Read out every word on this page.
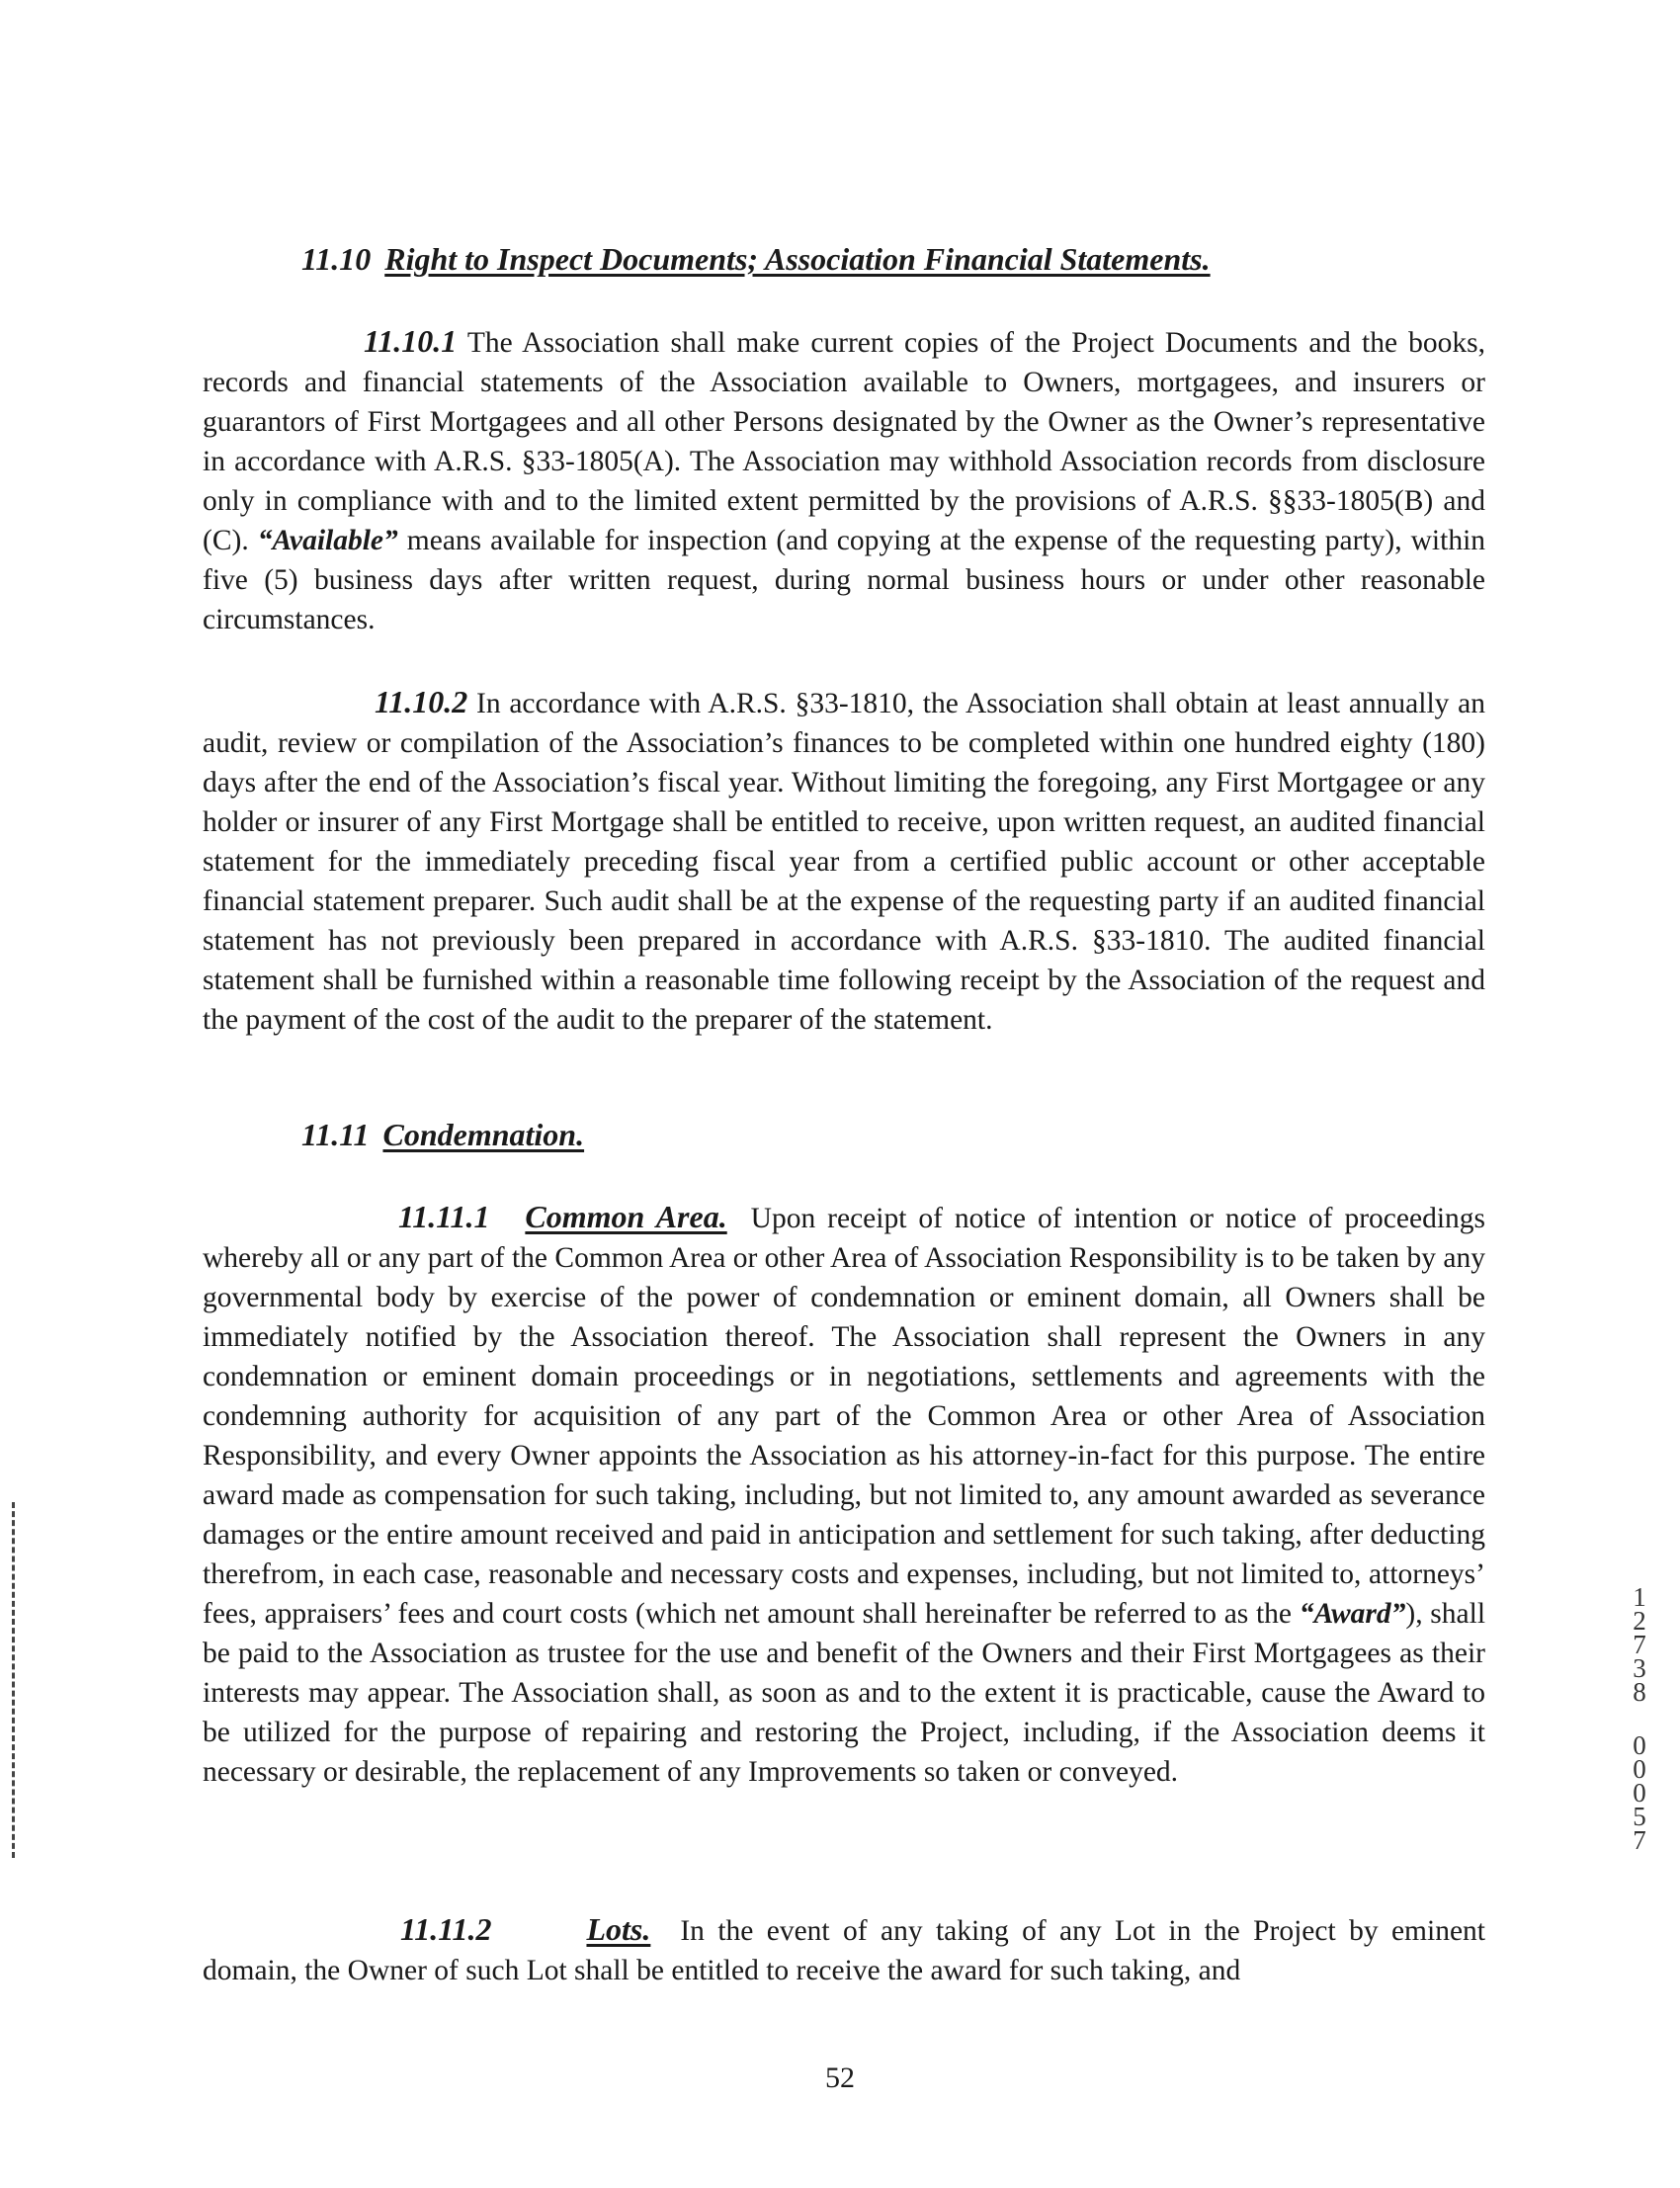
11.10 Right to Inspect Documents; Association Financial Statements.
11.10.1 The Association shall make current copies of the Project Documents and the books, records and financial statements of the Association available to Owners, mortgagees, and insurers or guarantors of First Mortgagees and all other Persons designated by the Owner as the Owner’s representative in accordance with A.R.S. §33-1805(A). The Association may withhold Association records from disclosure only in compliance with and to the limited extent permitted by the provisions of A.R.S. §§33-1805(B) and (C). “Available” means available for inspection (and copying at the expense of the requesting party), within five (5) business days after written request, during normal business hours or under other reasonable circumstances.
11.10.2 In accordance with A.R.S. §33-1810, the Association shall obtain at least annually an audit, review or compilation of the Association’s finances to be completed within one hundred eighty (180) days after the end of the Association’s fiscal year. Without limiting the foregoing, any First Mortgagee or any holder or insurer of any First Mortgage shall be entitled to receive, upon written request, an audited financial statement for the immediately preceding fiscal year from a certified public account or other acceptable financial statement preparer. Such audit shall be at the expense of the requesting party if an audited financial statement has not previously been prepared in accordance with A.R.S. §33-1810. The audited financial statement shall be furnished within a reasonable time following receipt by the Association of the request and the payment of the cost of the audit to the preparer of the statement.
11.11 Condemnation.
11.11.1 Common Area. Upon receipt of notice of intention or notice of proceedings whereby all or any part of the Common Area or other Area of Association Responsibility is to be taken by any governmental body by exercise of the power of condemnation or eminent domain, all Owners shall be immediately notified by the Association thereof. The Association shall represent the Owners in any condemnation or eminent domain proceedings or in negotiations, settlements and agreements with the condemning authority for acquisition of any part of the Common Area or other Area of Association Responsibility, and every Owner appoints the Association as his attorney-in-fact for this purpose. The entire award made as compensation for such taking, including, but not limited to, any amount awarded as severance damages or the entire amount received and paid in anticipation and settlement for such taking, after deducting therefrom, in each case, reasonable and necessary costs and expenses, including, but not limited to, attorneys’ fees, appraisers’ fees and court costs (which net amount shall hereinafter be referred to as the “Award”), shall be paid to the Association as trustee for the use and benefit of the Owners and their First Mortgagees as their interests may appear. The Association shall, as soon as and to the extent it is practicable, cause the Award to be utilized for the purpose of repairing and restoring the Project, including, if the Association deems it necessary or desirable, the replacement of any Improvements so taken or conveyed.
11.11.2	Lots. In the event of any taking of any Lot in the Project by eminent domain, the Owner of such Lot shall be entitled to receive the award for such taking, and
52
1
2
7
3
8
0
0
0
5
7
